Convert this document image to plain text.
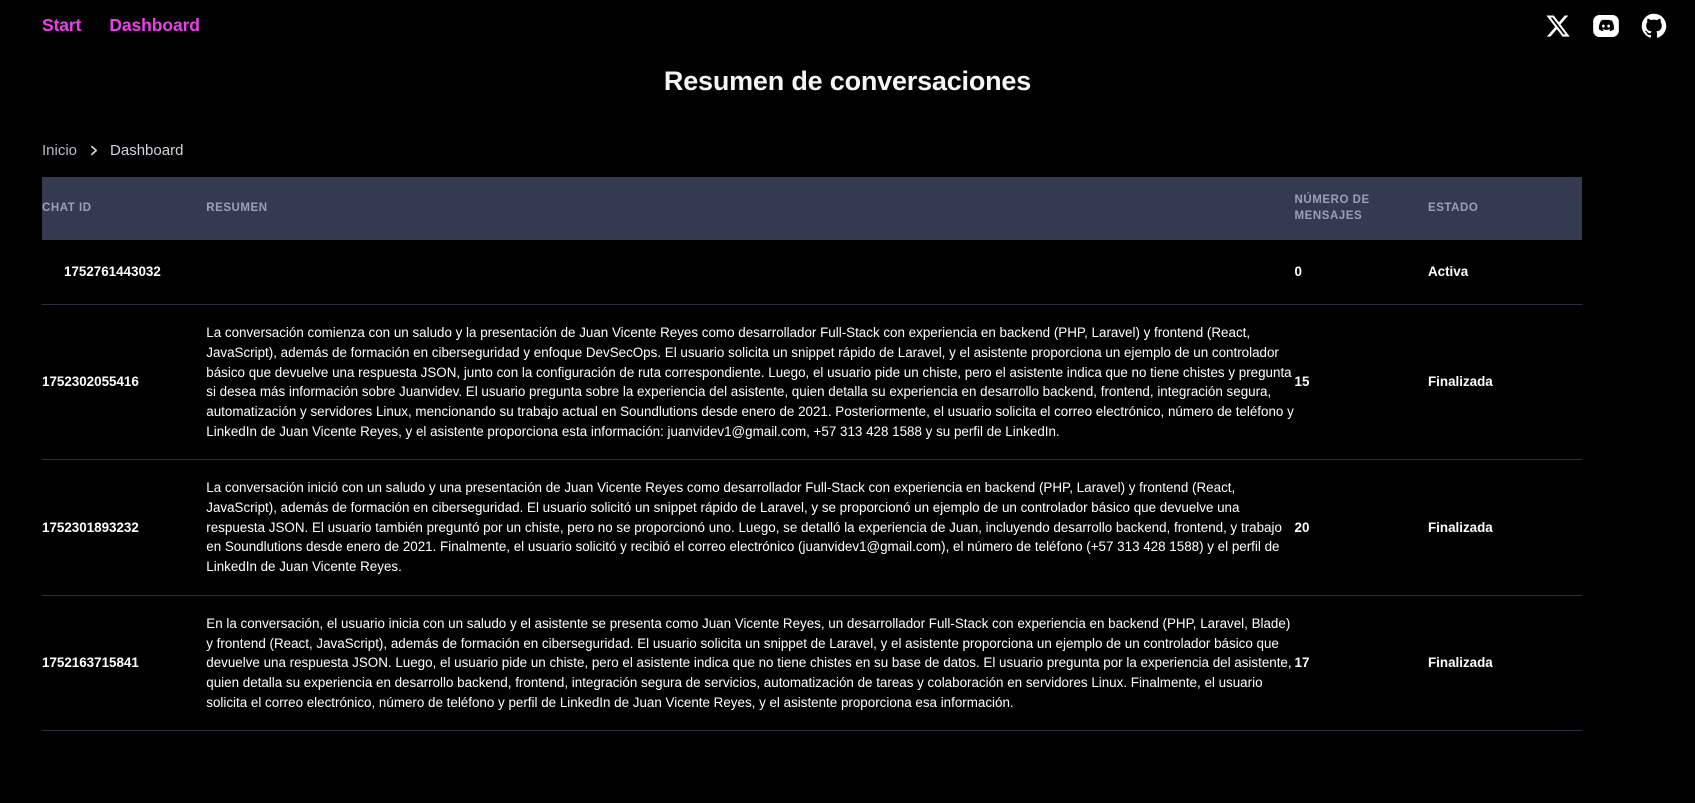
Start Dashboard
Resumen de conversaciones
Inicio Dashboard
CHAT ID	RESUMEN	NÚMERO DE MENSAJES	ESTADO
1752761443032		0	Activa
1752302055416	La conversación comienza con un saludo y la presentación de Juan Vicente Reyes como desarrollador Full-Stack con experiencia en backend (PHP, Laravel) y frontend (React, JavaScript), además de formación en ciberseguridad y enfoque DevSecOps. El usuario solicita un snippet rápido de Laravel, y el asistente proporciona un ejemplo de un controlador básico que devuelve una respuesta JSON, junto con la configuración de ruta correspondiente. Luego, el usuario pide un chiste, pero el asistente indica que no tiene chistes y pregunta si desea más información sobre Juanvidev. El usuario pregunta sobre la experiencia del asistente, quien detalla su experiencia en desarrollo backend, frontend, integración segura, automatización y servidores Linux, mencionando su trabajo actual en Soundlutions desde enero de 2021. Posteriormente, el usuario solicita el correo electrónico, número de teléfono y LinkedIn de Juan Vicente Reyes, y el asistente proporciona esta información: juanvidev1@gmail.com, +57 313 428 1588 y su perfil de LinkedIn.	15	Finalizada
1752301893232	La conversación inició con un saludo y una presentación de Juan Vicente Reyes como desarrollador Full-Stack con experiencia en backend (PHP, Laravel) y frontend (React, JavaScript), además de formación en ciberseguridad. El usuario solicitó un snippet rápido de Laravel, y se proporcionó un ejemplo de un controlador básico que devuelve una respuesta JSON. El usuario también preguntó por un chiste, pero no se proporcionó uno. Luego, se detalló la experiencia de Juan, incluyendo desarrollo backend, frontend, y trabajo en Soundlutions desde enero de 2021. Finalmente, el usuario solicitó y recibió el correo electrónico (juanvidev1@gmail.com), el número de teléfono (+57 313 428 1588) y el perfil de LinkedIn de Juan Vicente Reyes.	20	Finalizada
1752163715841	En la conversación, el usuario inicia con un saludo y el asistente se presenta como Juan Vicente Reyes, un desarrollador Full-Stack con experiencia en backend (PHP, Laravel, Blade) y frontend (React, JavaScript), además de formación en ciberseguridad. El usuario solicita un snippet de Laravel, y el asistente proporciona un ejemplo de un controlador básico que devuelve una respuesta JSON. Luego, el usuario pide un chiste, pero el asistente indica que no tiene chistes en su base de datos. El usuario pregunta por la experiencia del asistente, quien detalla su experiencia en desarrollo backend, frontend, integración segura de servicios, automatización de tareas y colaboración en servidores Linux. Finalmente, el usuario solicita el correo electrónico, número de teléfono y perfil de LinkedIn de Juan Vicente Reyes, y el asistente proporciona esa información.	17	Finalizada
